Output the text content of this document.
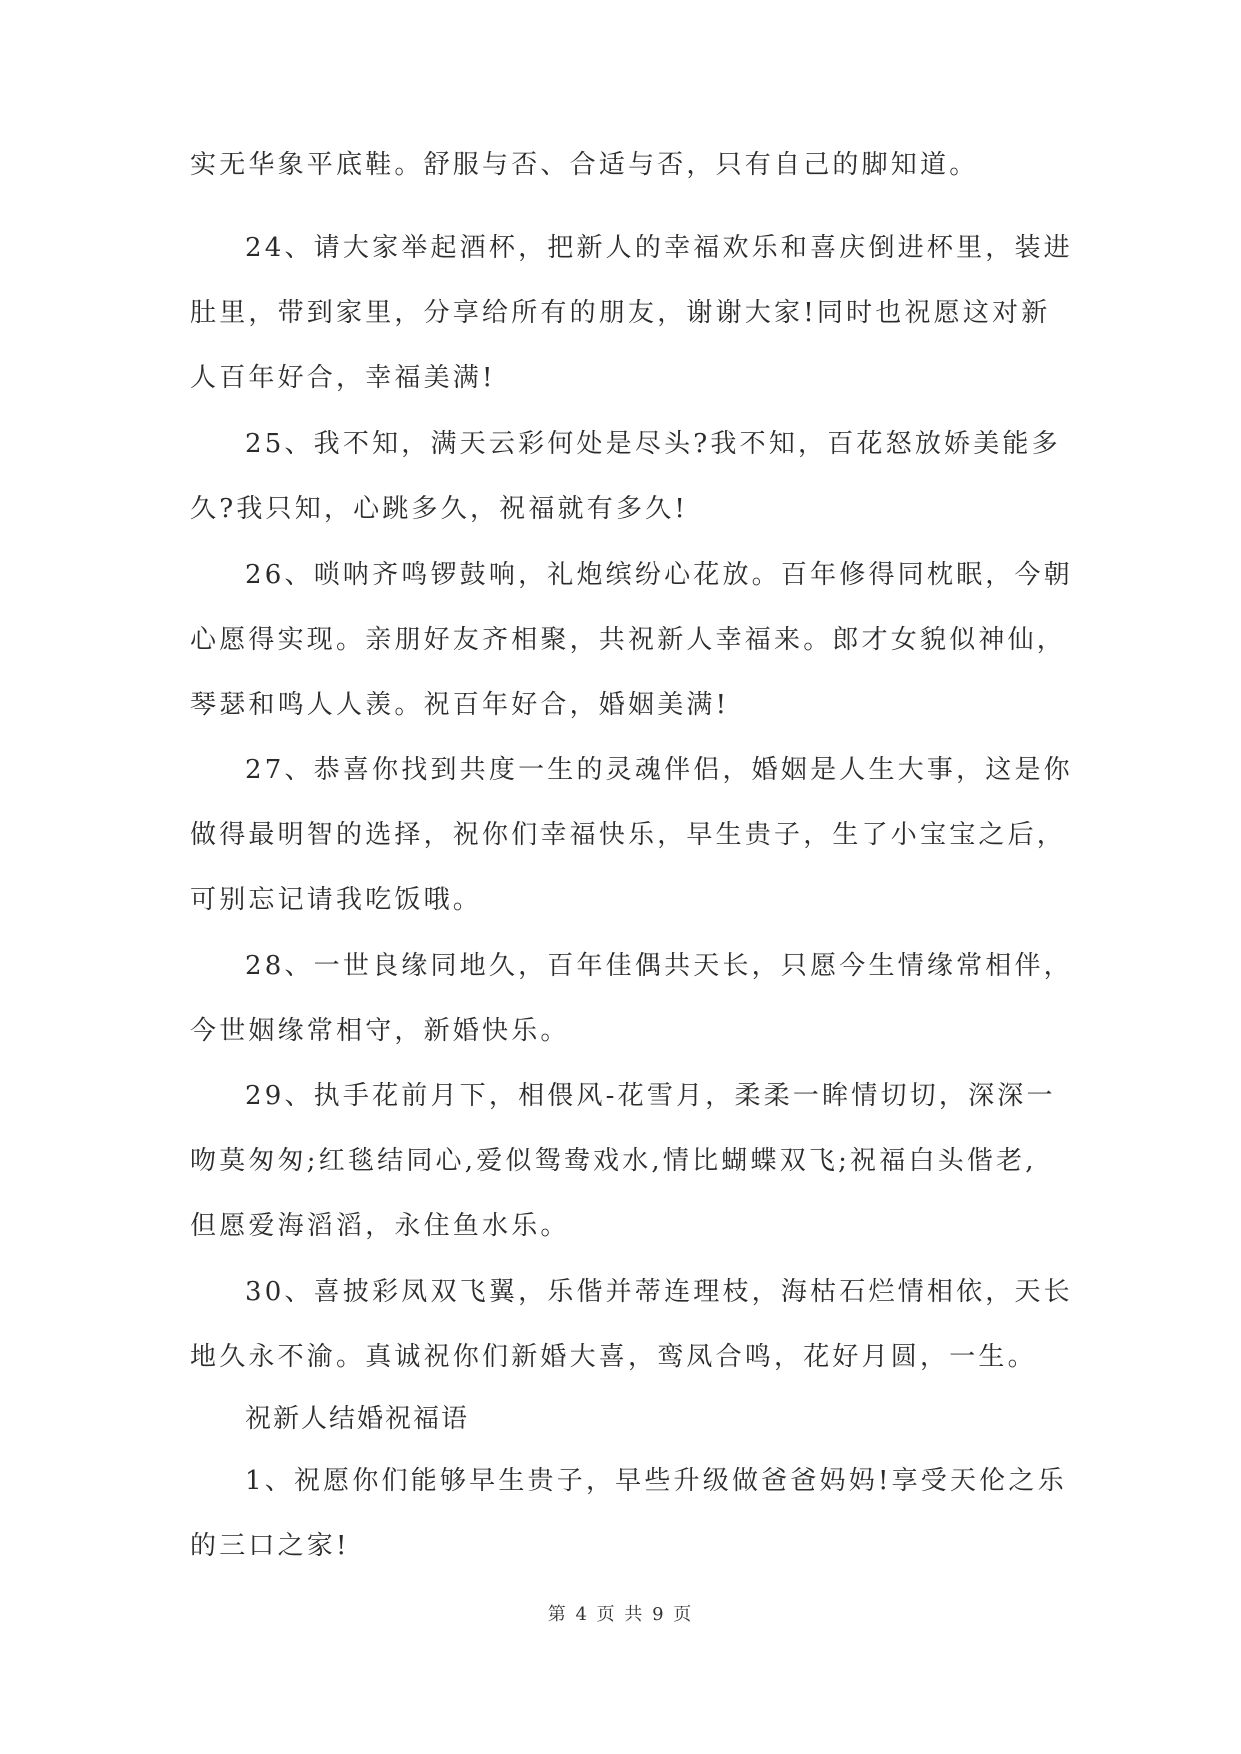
实无华象平底鞋。舒服与否、合适与否，只有自己的脚知道。
24、请大家举起酒杯，把新人的幸福欢乐和喜庆倒进杯里，装进
肚里，带到家里，分享给所有的朋友，谢谢大家!同时也祝愿这对新
人百年好合，幸福美满!
25、我不知，满天云彩何处是尽头?我不知，百花怒放娇美能多
久?我只知，心跳多久，祝福就有多久!
26、唢呐齐鸣锣鼓响，礼炮缤纷心花放。百年修得同枕眠，今朝
心愿得实现。亲朋好友齐相聚，共祝新人幸福来。郎才女貌似神仙，
琴瑟和鸣人人羡。祝百年好合，婚姻美满!
27、恭喜你找到共度一生的灵魂伴侣，婚姻是人生大事，这是你
做得最明智的选择，祝你们幸福快乐，早生贵子，生了小宝宝之后，
可别忘记请我吃饭哦。
28、一世良缘同地久，百年佳偶共天长，只愿今生情缘常相伴，
今世姻缘常相守，新婚快乐。
29、执手花前月下，相偎风-花雪月，柔柔一眸情切切，深深一
吻莫匆匆;红毯结同心,爱似鸳鸯戏水,情比蝴蝶双飞;祝福白头偕老,
但愿爱海滔滔，永住鱼水乐。
30、喜披彩凤双飞翼，乐偕并蒂连理枝，海枯石烂情相依，天长
地久永不渝。真诚祝你们新婚大喜，鸾凤合鸣，花好月圆，一生。
祝新人结婚祝福语
1、祝愿你们能够早生贵子，早些升级做爸爸妈妈!享受天伦之乐
的三口之家!
第 4 页 共 9 页
